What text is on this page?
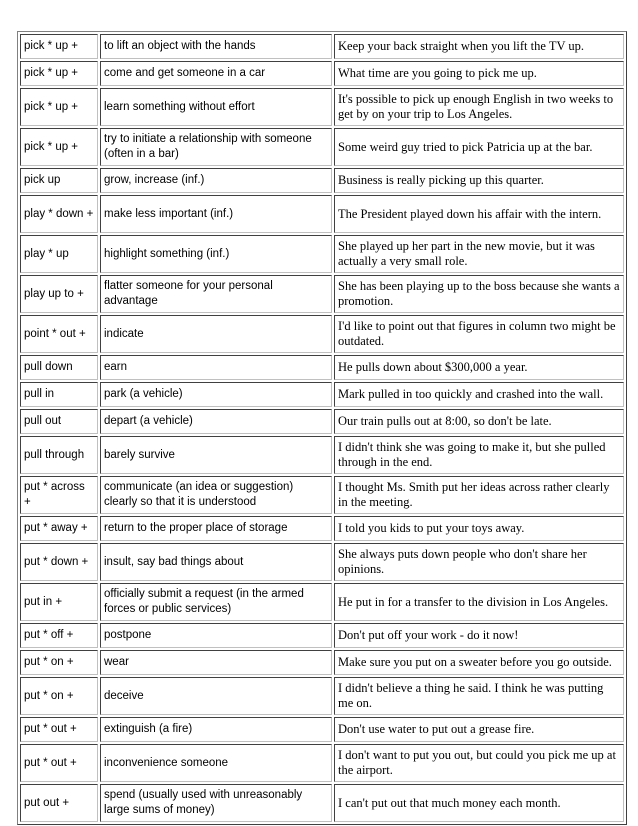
pick * up +	to lift an object with the hands	Keep your back straight when you lift the TV up.
pick * up +	come and get someone in a car	What time are you going to pick me up.
pick * up +	learn something without effort	It's possible to pick up enough English in two weeks to get by on your trip to Los Angeles.
pick * up +	try to initiate a relationship with someone (often in a bar)	Some weird guy tried to pick Patricia up at the bar.
pick up	grow, increase (inf.)	Business is really picking up this quarter.
play * down +	make less important (inf.)	The President played down his affair with the intern.
play * up	highlight something (inf.)	She played up her part in the new movie, but it was actually a very small role.
play up to +	flatter someone for your personal advantage	She has been playing up to the boss because she wants a promotion.
point * out +	indicate	I'd like to point out that figures in column two might be outdated.
pull down	earn	He pulls down about $300,000 a year.
pull in	park (a vehicle)	Mark pulled in too quickly and crashed into the wall.
pull out	depart (a vehicle)	Our train pulls out at 8:00, so don't be late.
pull through	barely survive	I didn't think she was going to make it, but she pulled through in the end.
put * across +	communicate (an idea or suggestion) clearly so that it is understood	I thought Ms. Smith put her ideas across rather clearly in the meeting.
put * away +	return to the proper place of storage	I told you kids to put your toys away.
put * down +	insult, say bad things about	She always puts down people who don't share her opinions.
put in +	officially submit a request (in the armed forces or public services)	He put in for a transfer to the division in Los Angeles.
put * off +	postpone	Don't put off your work - do it now!
put * on +	wear	Make sure you put on a sweater before you go outside.
put * on +	deceive	I didn't believe a thing he said. I think he was putting me on.
put * out +	extinguish (a fire)	Don't use water to put out a grease fire.
put * out +	inconvenience someone	I don't want to put you out, but could you pick me up at the airport.
put out +	spend (usually used with unreasonably large sums of money)	I can't put out that much money each month.
